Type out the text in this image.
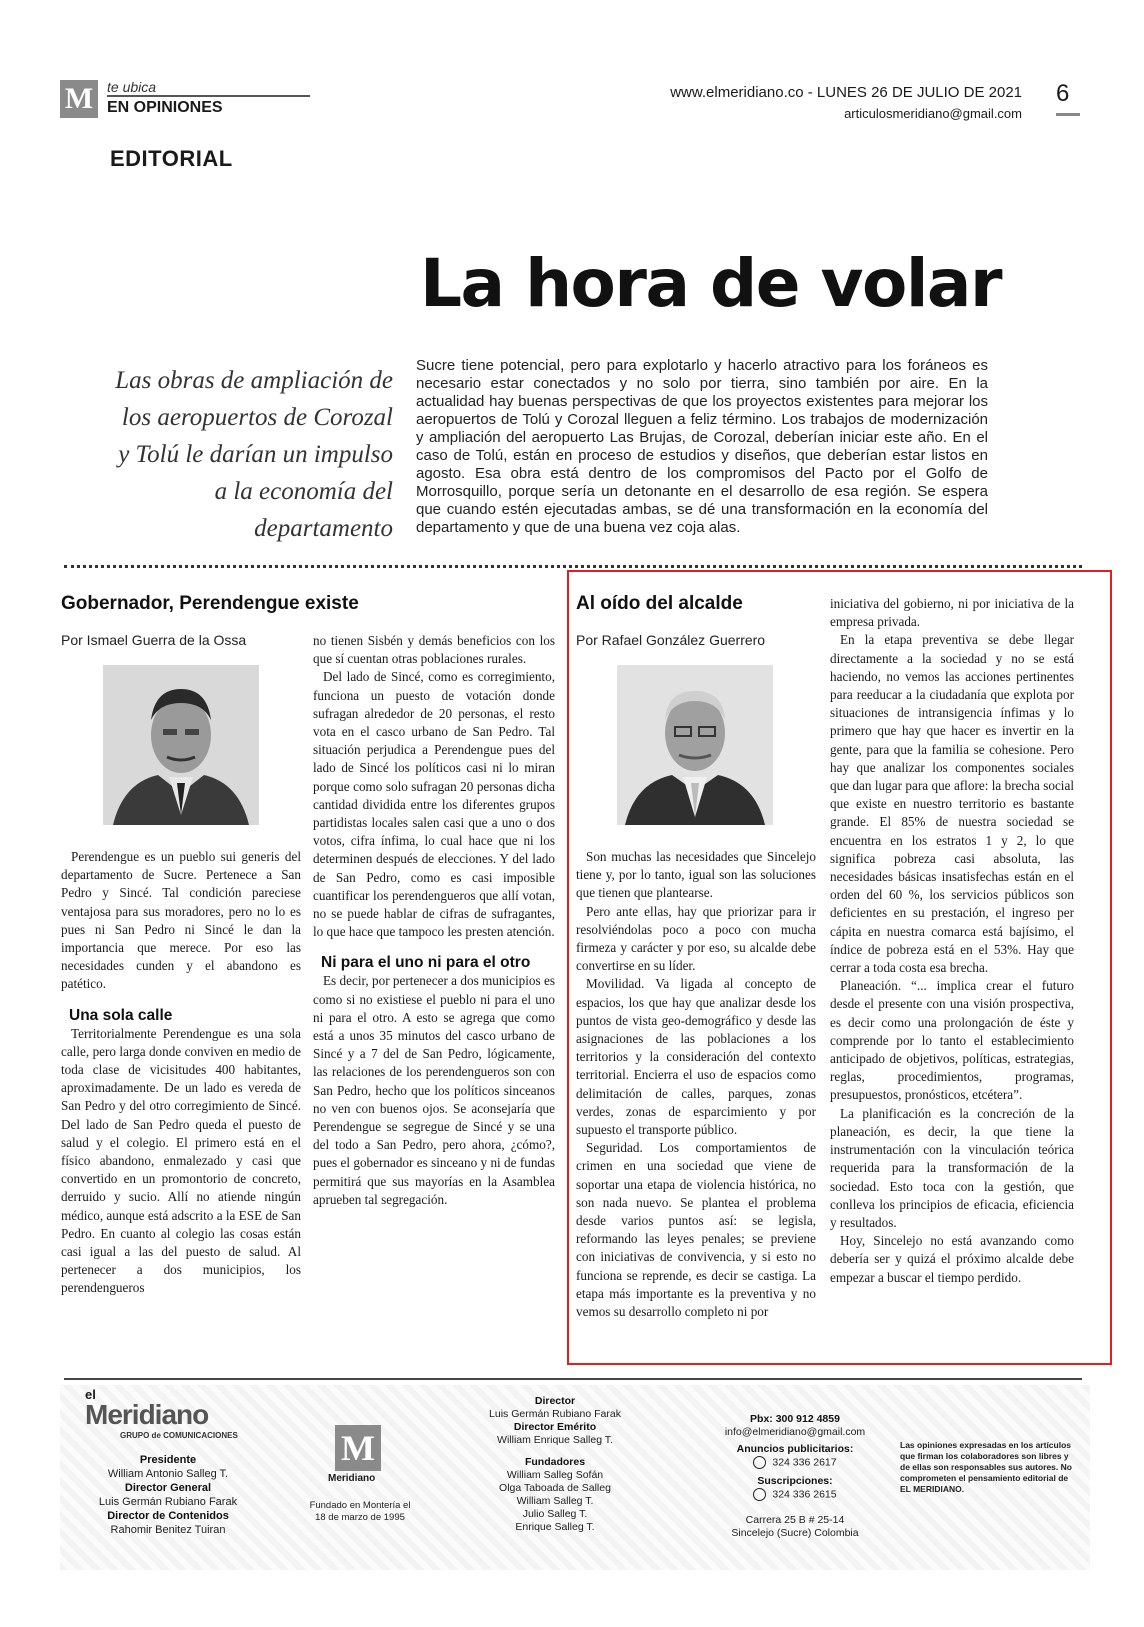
M te ubica
EN OPINIONES
www.elmeridiano.co - LUNES 26 DE JULIO DE 2021
articulosmeridiano@gmail.com
6
EDITORIAL
La hora de volar
Las obras de ampliación de los aeropuertos de Corozal y Tolú le darían un impulso a la economía del departamento
Sucre tiene potencial, pero para explotarlo y hacerlo atractivo para los foráneos es necesario estar conectados y no solo por tierra, sino también por aire. En la actualidad hay buenas perspectivas de que los proyectos existentes para mejorar los aeropuertos de Tolú y Corozal lleguen a feliz término. Los trabajos de modernización y ampliación del aeropuerto Las Brujas, de Corozal, deberían iniciar este año. En el caso de Tolú, están en proceso de estudios y diseños, que deberían estar listos en agosto. Esa obra está dentro de los compromisos del Pacto por el Golfo de Morrosquillo, porque sería un detonante en el desarrollo de esa región. Se espera que cuando estén ejecutadas ambas, se dé una transformación en la economía del departamento y que de una buena vez coja alas.
Gobernador, Perendengue existe
Por Ismael Guerra de la Ossa

Perendengue es un pueblo sui generis del departamento de Sucre. Pertenece a San Pedro y Sincé. Tal condición pareciese ventajosa para sus moradores, pero no lo es pues ni San Pedro ni Sincé le dan la importancia que merece. Por eso las necesidades cunden y el abandono es patético.

Una sola calle

Territorialmente Perendengue es una sola calle, pero larga donde conviven en medio de toda clase de vicisitudes 400 habitantes, aproximadamente. De un lado es vereda de San Pedro y del otro corregimiento de Sincé. Del lado de San Pedro queda el puesto de salud y el colegio. El primero está en el físico abandono, enmalezado y casi que convertido en un promontorio de concreto, derruido y sucio. Allí no atiende ningún médico, aunque está adscrito a la ESE de San Pedro. En cuanto al colegio las cosas están casi igual a las del puesto de salud. Al pertenecer a dos municipios, los perendengueros

no tienen Sisbén y demás beneficios con los que sí cuentan otras poblaciones rurales.

Del lado de Sincé, como es corregimiento, funciona un puesto de votación donde sufragan alrededor de 20 personas, el resto vota en el casco urbano de San Pedro. Tal situación perjudica a Perendengue pues del lado de Sincé los políticos casi ni lo miran porque como solo sufragan 20 personas dicha cantidad dividida entre los diferentes grupos partidistas locales salen casi que a uno o dos votos, cifra ínfima, lo cual hace que ni los determinen después de elecciones. Y del lado de San Pedro, como es casi imposible cuantificar los perendengueros que allí votan, no se puede hablar de cifras de sufragantes, lo que hace que tampoco les presten atención.

Ni para el uno ni para el otro

Es decir, por pertenecer a dos municipios es como si no existiese el pueblo ni para el uno ni para el otro. A esto se agrega que como está a unos 35 minutos del casco urbano de Sincé y a 7 del de San Pedro, lógicamente, las relaciones de los perendengueros son con San Pedro, hecho que los políticos sinceanos no ven con buenos ojos. Se aconsejaría que Perendengue se segregue de Sincé y se una del todo a San Pedro, pero ahora, ¿cómo?, pues el gobernador es sinceano y ni de fundas permitirá que sus mayorías en la Asamblea aprueben tal segregación.

Al oído del alcalde
Por Rafael González Guerrero

Son muchas las necesidades que Sincelejo tiene y, por lo tanto, igual son las soluciones que tienen que plantearse.

Pero ante ellas, hay que priorizar para ir resolviéndolas poco a poco con mucha firmeza y carácter y por eso, su alcalde debe convertirse en su líder.

Movilidad. Va ligada al concepto de espacios, los que hay que analizar desde los puntos de vista geo-demográfico y desde las asignaciones de las poblaciones a los territorios y la consideración del contexto territorial. Encierra el uso de espacios como delimitación de calles, parques, zonas verdes, zonas de esparcimiento y por supuesto el transporte público.

Seguridad. Los comportamientos de crimen en una sociedad que viene de soportar una etapa de violencia histórica, no son nada nuevo. Se plantea el problema desde varios puntos así: se legisla, reformando las leyes penales; se previene con iniciativas de convivencia, y si esto no funciona se reprende, es decir se castiga. La etapa más importante es la preventiva y no vemos su desarrollo completo ni por

iniciativa del gobierno, ni por iniciativa de la empresa privada.

En la etapa preventiva se debe llegar directamente a la sociedad y no se está haciendo, no vemos las acciones pertinentes para reeducar a la ciudadanía que explota por situaciones de intransigencia ínfimas y lo primero que hay que hacer es invertir en la gente, para que la familia se cohesione. Pero hay que analizar los componentes sociales que dan lugar para que aflore: la brecha social que existe en nuestro territorio es bastante grande. El 85% de nuestra sociedad se encuentra en los estratos 1 y 2, lo que significa pobreza casi absoluta, las necesidades básicas insatisfechas están en el orden del 60 %, los servicios públicos son deficientes en su prestación, el ingreso per cápita en nuestra comarca está bajísimo, el índice de pobreza está en el 53%. Hay que cerrar a toda costa esa brecha.

Planeación. “... implica crear el futuro desde el presente con una visión prospectiva, es decir como una prolongación de éste y comprende por lo tanto el establecimiento anticipado de objetivos, políticas, estrategias, reglas, procedimientos, programas, presupuestos, pronósticos, etcétera”.

La planificación es la concreción de la planeación, es decir, la que tiene la instrumentación con la vinculación teórica requerida para la transformación de la sociedad. Esto toca con la gestión, que conlleva los principios de eficacia, eficiencia y resultados.

Hoy, Sincelejo no está avanzando como debería ser y quizá el próximo alcalde debe empezar a buscar el tiempo perdido.

el
Meridiano
GRUPO de COMUNICACIONES
Presidente
William Antonio Salleg T.
Director General
Luis Germán Rubiano Farak
Director de Contenidos
Rahomir Benitez Tuiran
M
Meridiano
Fundado en Montería el 18 de marzo de 1995
Director
Luis Germán Rubiano Farak
Director Emérito
William Enrique Salleg T.
Fundadores
William Salleg Sofán
Olga Taboada de Salleg
William Salleg T.
Julio Salleg T.
Enrique Salleg T.
Pbx: 300 912 4859
info@elmeridiano@gmail.com
Anuncios publicitarios:
324 336 2617
Suscripciones:
324 336 2615
Carrera 25 B # 25-14
Sincelejo (Sucre) Colombia
Las opiniones expresadas en los artículos que firman los colaboradores son libres y de ellas son responsables sus autores. No comprometen el pensamiento editorial de EL MERIDIANO.
